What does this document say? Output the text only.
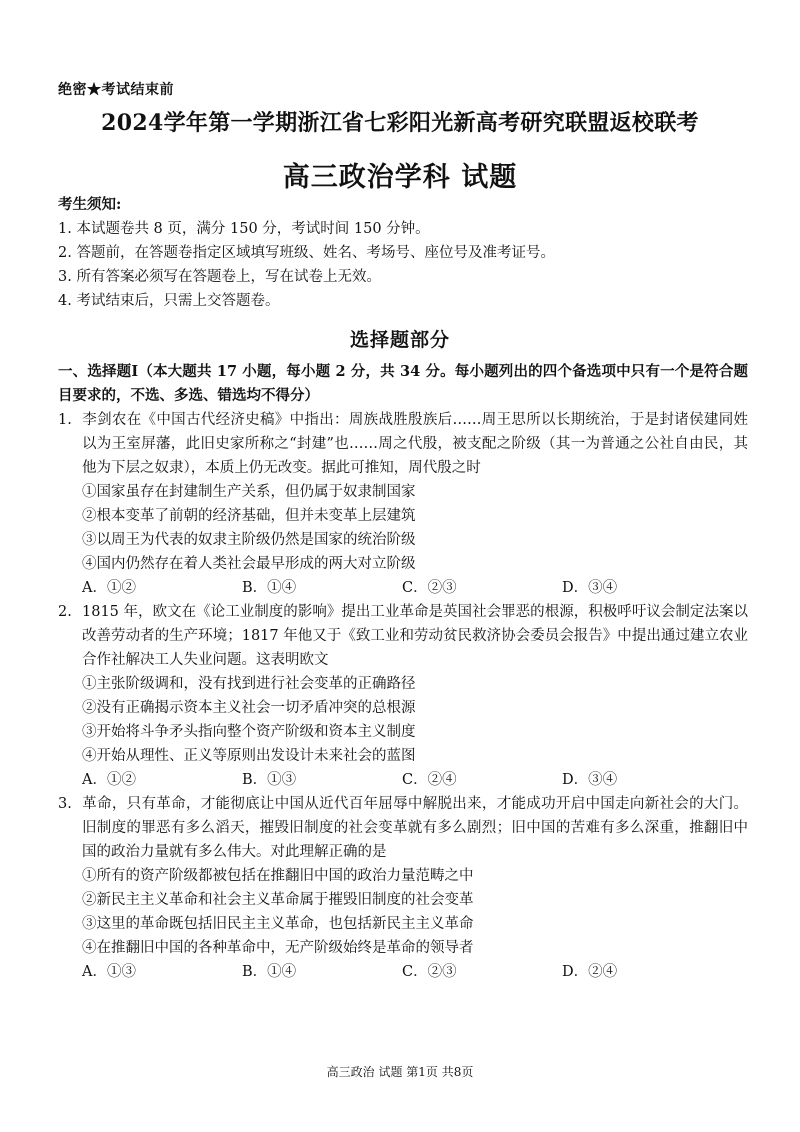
绝密★考试结束前
2024学年第一学期浙江省七彩阳光新高考研究联盟返校联考
高三政治学科 试题
考生须知:
1. 本试题卷共 8 页，满分 150 分，考试时间 150 分钟。
2. 答题前，在答题卷指定区域填写班级、姓名、考场号、座位号及准考证号。
3. 所有答案必须写在答题卷上，写在试卷上无效。
4. 考试结束后，只需上交答题卷。
选择题部分
一、选择题Ⅰ（本大题共 17 小题，每小题 2 分，共 34 分。每小题列出的四个备选项中只有一个是符合题目要求的，不选、多选、错选均不得分）
1. 李剑农在《中国古代经济史稿》中指出：周族战胜殷族后……周王思所以长期统治，于是封诸侯建同姓以为王室屏藩，此旧史家所称之“封建”也……周之代殷，被支配之阶级（其一为普通之公社自由民，其他为下层之奴隶），本质上仍无改变。据此可推知，周代殷之时
①国家虽存在封建制生产关系，但仍属于奴隶制国家
②根本变革了前朝的经济基础，但并未变革上层建筑
③以周王为代表的奴隶主阶级仍然是国家的统治阶级
④国内仍然存在着人类社会最早形成的两大对立阶级
A．①②	B．①④	C．②③	D．③④
2. 1815 年，欧文在《论工业制度的影响》提出工业革命是英国社会罪恶的根源，积极呼吁议会制定法案以改善劳动者的生产环境；1817 年他又于《致工业和劳动贫民救济协会委员会报告》中提出通过建立农业合作社解决工人失业问题。这表明欧文
①主张阶级调和，没有找到进行社会变革的正确路径
②没有正确揭示资本主义社会一切矛盾冲突的总根源
③开始将斗争矛头指向整个资产阶级和资本主义制度
④开始从理性、正义等原则出发设计未来社会的蓝图
A．①②	B．①③	C．②④	D．③④
3. 革命，只有革命，才能彻底让中国从近代百年屈辱中解脱出来，才能成功开启中国走向新社会的大门。旧制度的罪恶有多么滔天，摧毁旧制度的社会变革就有多么剧烈；旧中国的苦难有多么深重，推翻旧中国的政治力量就有多么伟大。对此理解正确的是
①所有的资产阶级都被包括在推翻旧中国的政治力量范畴之中
②新民主主义革命和社会主义革命属于摧毁旧制度的社会变革
③这里的革命既包括旧民主主义革命，也包括新民主主义革命
④在推翻旧中国的各种革命中，无产阶级始终是革命的领导者
A．①③	B．①④	C．②③	D．②④
高三政治 试题 第1页 共8页
